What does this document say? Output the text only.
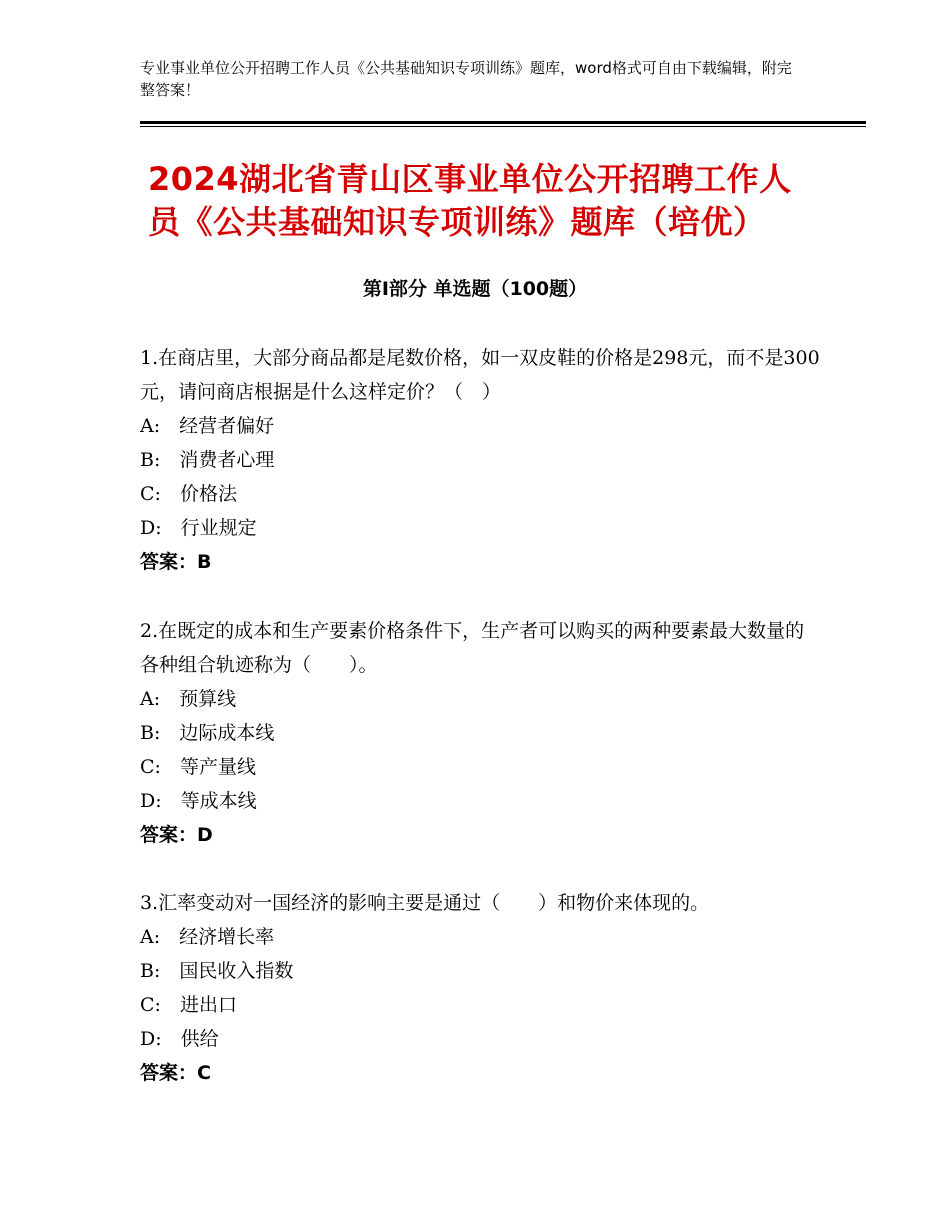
专业事业单位公开招聘工作人员《公共基础知识专项训练》题库，word格式可自由下载编辑，附完整答案！
2024湖北省青山区事业单位公开招聘工作人员《公共基础知识专项训练》题库（培优）
第Ⅰ部分 单选题（100题）

1.在商店里，大部分商品都是尾数价格，如一双皮鞋的价格是298元，而不是300元，请问商店根据是什么这样定价？（　）

A:　经营者偏好

B:　消费者心理

C:　价格法

D:　行业规定

答案：B

2.在既定的成本和生产要素价格条件下，生产者可以购买的两种要素最大数量的各种组合轨迹称为（　　）。

A:　预算线

B:　边际成本线

C:　等产量线

D:　等成本线

答案：D

3.汇率变动对一国经济的影响主要是通过（　　）和物价来体现的。

A:　经济增长率

B:　国民收入指数

C:　进出口

D:　供给

答案：C
